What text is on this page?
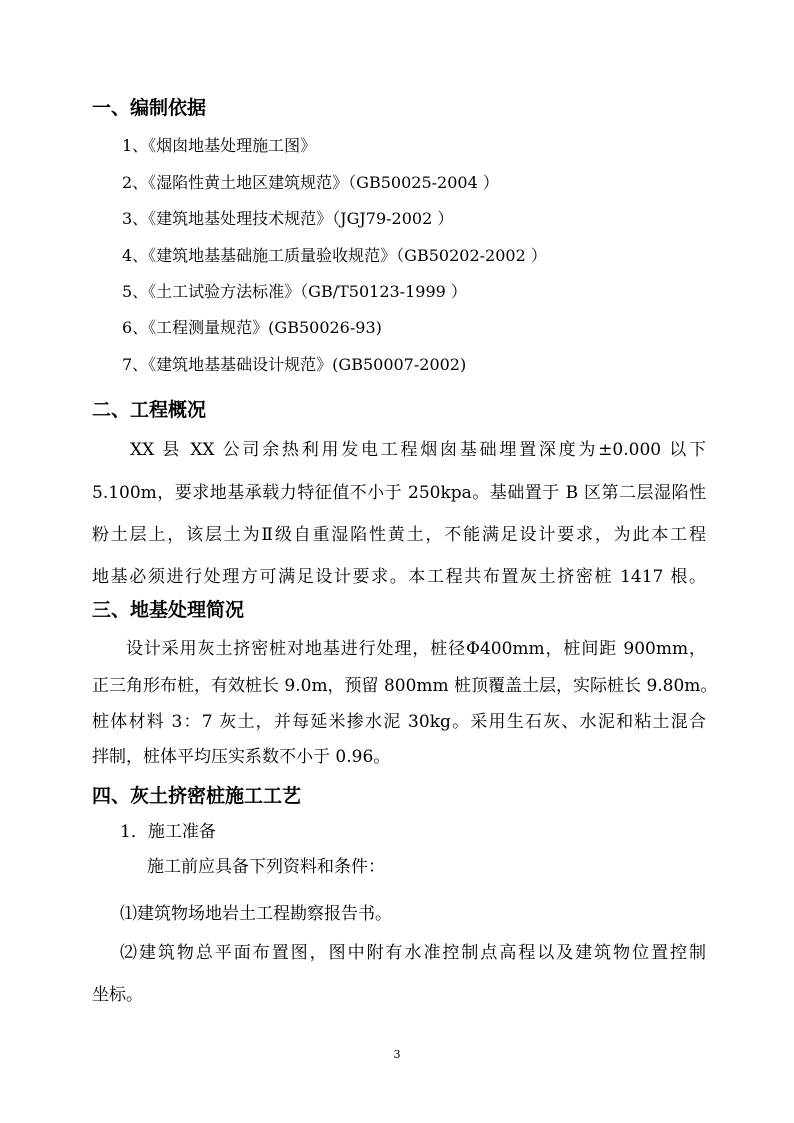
一、编制依据
1、《烟囱地基处理施工图》
2、《湿陷性黄土地区建筑规范》（GB50025-2004 ）
3、《建筑地基处理技术规范》（JGJ79-2002 ）
4、《建筑地基基础施工质量验收规范》（GB50202-2002 ）
5、《土工试验方法标准》（GB/T50123-1999 ）
6、《工程测量规范》(GB50026-93)
7、《建筑地基基础设计规范》(GB50007-2002)
二、工程概况
XX 县 XX 公司余热利用发电工程烟囱基础埋置深度为±0.000 以下
5.100m，要求地基承载力特征值不小于 250kpa。基础置于 B 区第二层湿陷性
粉土层上，该层土为Ⅱ级自重湿陷性黄土，不能满足设计要求，为此本工程
地基必须进行处理方可满足设计要求。本工程共布置灰土挤密桩 1417 根。
三、地基处理简况
设计采用灰土挤密桩对地基进行处理，桩径Φ400mm，桩间距 900mm，
正三角形布桩，有效桩长 9.0m，预留 800mm 桩顶覆盖土层，实际桩长 9.80m。
桩体材料 3：7 灰土，并每延米掺水泥 30kg。采用生石灰、水泥和粘土混合
拌制，桩体平均压实系数不小于 0.96。
四、灰土挤密桩施工工艺
1．施工准备
施工前应具备下列资料和条件：
⑴建筑物场地岩土工程勘察报告书。
⑵建筑物总平面布置图，图中附有水准控制点高程以及建筑物位置控制
坐标。
3
